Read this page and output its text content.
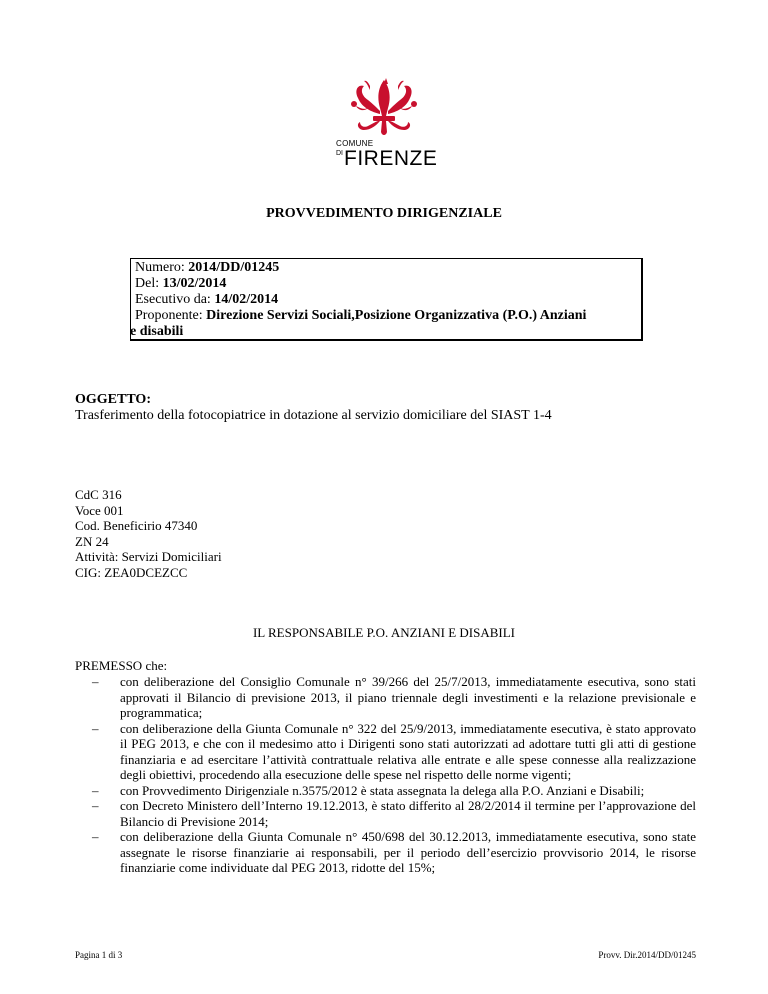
COMUNE
DI FIRENZE
PROVVEDIMENTO DIRIGENZIALE
Numero: 2014/DD/01245
Del: 13/02/2014
Esecutivo da: 14/02/2014
Proponente: Direzione Servizi Sociali,Posizione Organizzativa (P.O.) Anziani
e disabili
OGGETTO:
Trasferimento della fotocopiatrice in dotazione al servizio domiciliare del SIAST 1-4
CdC 316
Voce 001
Cod. Beneficirio 47340
ZN 24
Attività: Servizi Domiciliari
CIG: ZEA0DCEZCC
IL RESPONSABILE P.O. ANZIANI E DISABILI
PREMESSO che:
– con deliberazione del Consiglio Comunale n° 39/266 del 25/7/2013, immediatamente esecutiva, sono stati approvati il Bilancio di previsione 2013, il piano triennale degli investimenti e la relazione previsionale e programmatica;
– con deliberazione della Giunta Comunale n° 322 del 25/9/2013, immediatamente esecutiva, è stato approvato il PEG 2013, e che con il medesimo atto i Dirigenti sono stati autorizzati ad adottare tutti gli atti di gestione finanziaria e ad esercitare l’attività contrattuale relativa alle entrate e alle spese connesse alla realizzazione degli obiettivi, procedendo alla esecuzione delle spese nel rispetto delle norme vigenti;
– con Provvedimento Dirigenziale n.3575/2012 è stata assegnata la delega alla P.O. Anziani e Disabili;
– con Decreto Ministero dell’Interno 19.12.2013, è stato differito al 28/2/2014 il termine per l’approvazione del Bilancio di Previsione 2014;
– con deliberazione della Giunta Comunale n° 450/698 del 30.12.2013, immediatamente esecutiva, sono state assegnate le risorse finanziarie ai responsabili, per il periodo dell’esercizio provvisorio 2014, le risorse finanziarie come individuate dal PEG 2013, ridotte del 15%;
Pagina 1 di 3	Provv. Dir.2014/DD/01245
